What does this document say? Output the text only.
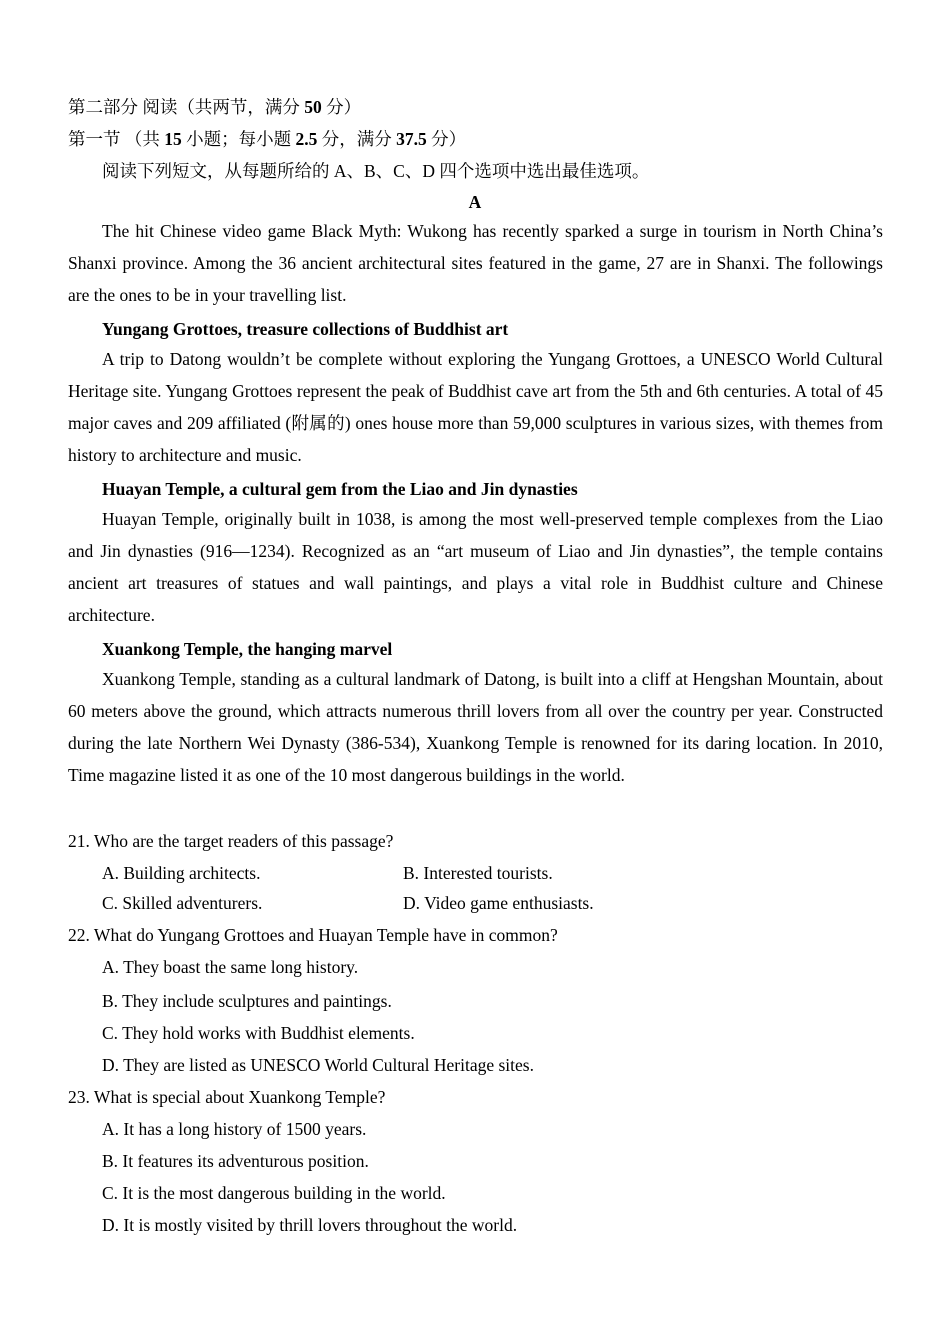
第二部分 阅读（共两节，满分 50 分）
第一节 （共 15 小题；每小题 2.5 分，满分 37.5 分）
阅读下列短文，从每题所给的 A、B、C、D 四个选项中选出最佳选项。
A

The hit Chinese video game Black Myth: Wukong has recently sparked a surge in tourism in North China’s Shanxi province. Among the 36 ancient architectural sites featured in the game, 27 are in Shanxi. The followings are the ones to be in your travelling list.

Yungang Grottoes, treasure collections of Buddhist art

A trip to Datong wouldn’t be complete without exploring the Yungang Grottoes, a UNESCO World Cultural Heritage site. Yungang Grottoes represent the peak of Buddhist cave art from the 5th and 6th centuries. A total of 45 major caves and 209 affiliated (附属的) ones house more than 59,000 sculptures in various sizes, with themes from history to architecture and music.

Huayan Temple, a cultural gem from the Liao and Jin dynasties

Huayan Temple, originally built in 1038, is among the most well-preserved temple complexes from the Liao and Jin dynasties (916—1234). Recognized as an “art museum of Liao and Jin dynasties”, the temple contains ancient art treasures of statues and wall paintings, and plays a vital role in Buddhist culture and Chinese architecture.

Xuankong Temple, the hanging marvel

Xuankong Temple, standing as a cultural landmark of Datong, is built into a cliff at Hengshan Mountain, about 60 meters above the ground, which attracts numerous thrill lovers from all over the country per year. Constructed during the late Northern Wei Dynasty (386-534), Xuankong Temple is renowned for its daring location. In 2010, Time magazine listed it as one of the 10 most dangerous buildings in the world.

21. Who are the target readers of this passage?
A. Building architects.	B. Interested tourists.
C. Skilled adventurers.	D. Video game enthusiasts.
22. What do Yungang Grottoes and Huayan Temple have in common?
A. They boast the same long history.
B. They include sculptures and paintings.
C. They hold works with Buddhist elements.
D. They are listed as UNESCO World Cultural Heritage sites.
23. What is special about Xuankong Temple?
A. It has a long history of 1500 years.
B. It features its adventurous position.
C. It is the most dangerous building in the world.
D. It is mostly visited by thrill lovers throughout the world.
